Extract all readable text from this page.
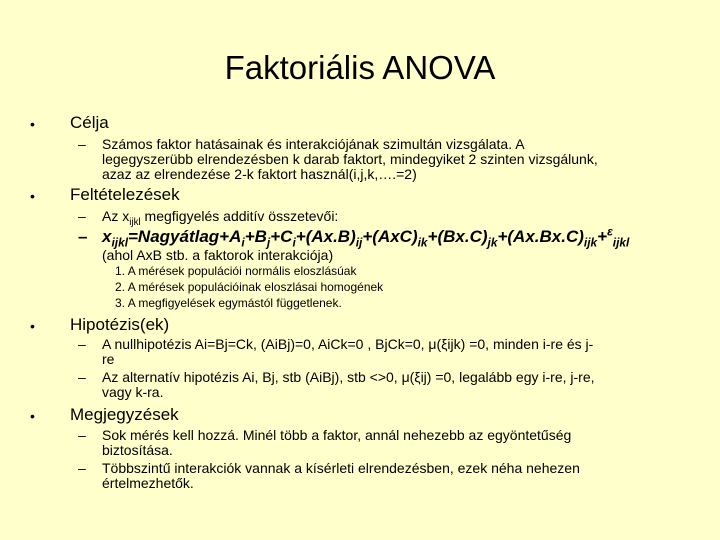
Faktoriális ANOVA
• Célja
– Számos faktor hatásainak és interakciójának szimultán vizsgálata. A
legegyszerübb elrendezésben k darab faktort, mindegyiket 2 szinten vizsgálunk,
azaz az elrendezése 2-k faktort használ(i,j,k,….=2)
• Feltételezések
– Az $x_{ijkl}$ megfigyelés additív összetevői:
– $x_{ijkl}=Nagyátlag+A_i+B_j+C_i+(Ax.B)_{ij}+(AxC)_{ik}+(Bx.C)_{jk}+(Ax.Bx.C)_{ijk}+^\varepsilon_{ijkl}$
(ahol AxB stb. a faktorok interakciója)
1. A mérések populációi normális eloszlásúak
2. A mérések populációinak eloszlásai homogének
3. A megfigyelések egymástól függetlenek.
• Hipotézis(ek)
– A nullhipotézis Ai=Bj=Ck, (AiBj)=0, AiCk=0 , BjCk=0, μ(ξijk) =0, minden i-re és j-
re
– Az alternatív hipotézis Ai, Bj, stb (AiBj), stb <>0, μ(ξij) =0, legalább egy i-re, j-re,
vagy k-ra.
• Megjegyzések
– Sok mérés kell hozzá. Minél több a faktor, annál nehezebb az egyöntetűség
biztosítása.
– Többszintű interakciók vannak a kísérleti elrendezésben, ezek néha nehezen
értelmezhetők.
